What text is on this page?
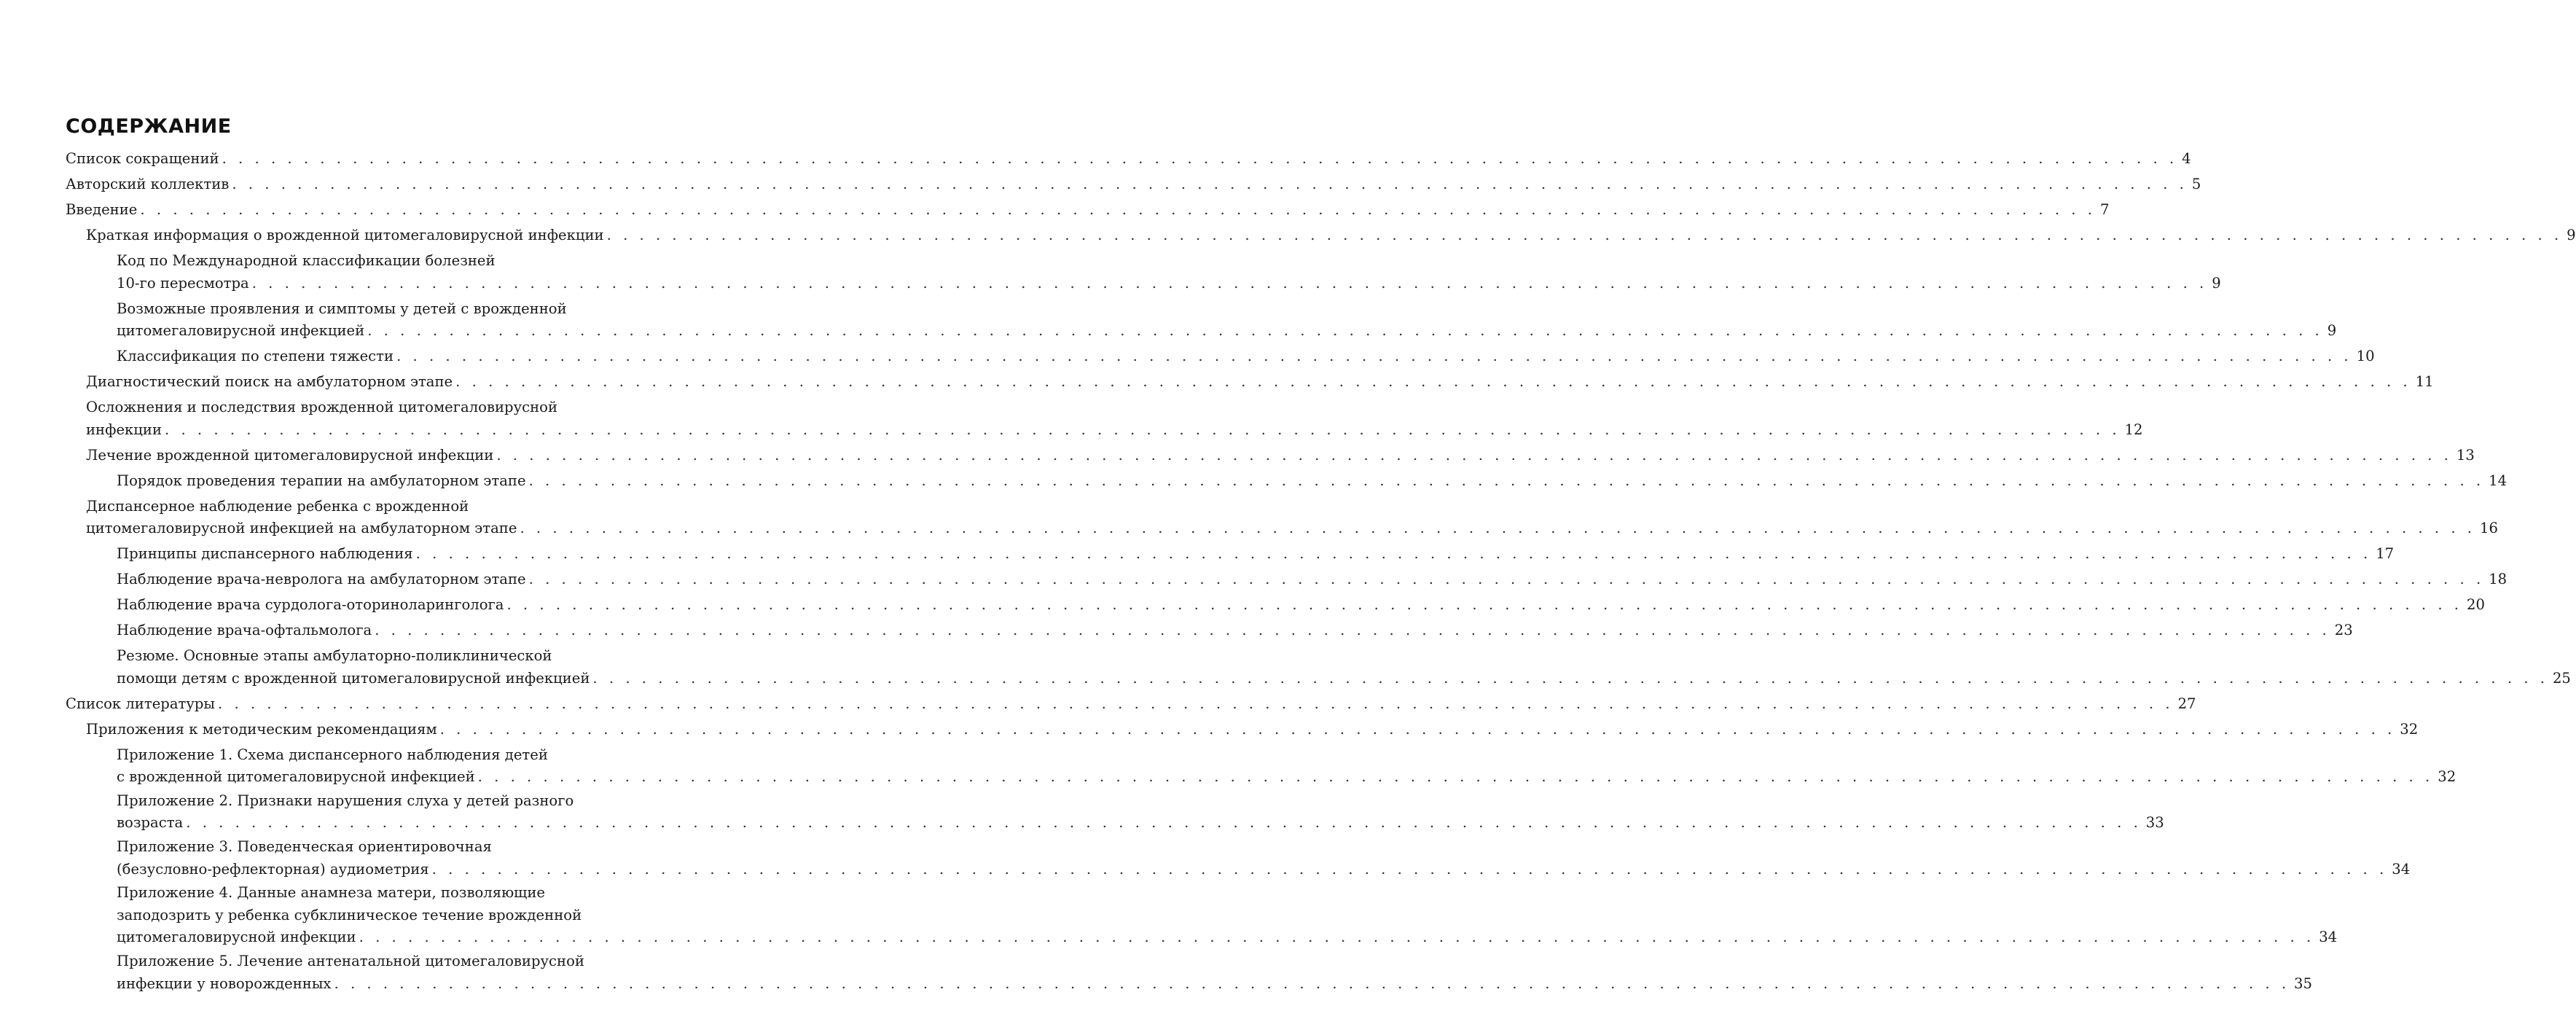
СОДЕРЖАНИЕ
Список сокращений . . . . . . . . . . . . . . . . . . . . . . . . . . . . . . . . . . . . . . . . . . . . . . . . . . . . . . . . . . . . . . . . . . . . . . . . . . . . . . . . . . . . . . . . . . . . . . . . . . . . . . . . . . . . . . . . . . . . . . . . 4
Авторский коллектив . . . . . . . . . . . . . . . . . . . . . . . . . . . . . . . . . . . . . . . . . . . . . . . . . . . . . . . . . . . . . . . . . . . . . . . . . . . . . . . . . . . . . . . . . . . . . . . . . . . . . . . . . . . . . . . . . . . . . . . . 5
Введение . . . . . . . . . . . . . . . . . . . . . . . . . . . . . . . . . . . . . . . . . . . . . . . . . . . . . . . . . . . . . . . . . . . . . . . . . . . . . . . . . . . . . . . . . . . . . . . . . . . . . . . . . . . . . . . . . . . . . . . . 7
Краткая информация о врожденной цитомегаловирусной инфекции . . . . . . . . . . . . . . . . . . . . . . . . . . . . . . . . . . . . . . . . . . . . . . . . . . . . . . . . . . . . . . . . . . . . . . . . . . . . . . . . . . . . . . . . . . . . . . . . . . . . . . . . . . . . . . . . . . . . . . . . 9
Код по Международной классификации болезней
10-го пересмотра . . . . . . . . . . . . . . . . . . . . . . . . . . . . . . . . . . . . . . . . . . . . . . . . . . . . . . . . . . . . . . . . . . . . . . . . . . . . . . . . . . . . . . . . . . . . . . . . . . . . . . . . . . . . . . . . . . . . . . . . 9
Возможные проявления и симптомы у детей с врожденной
цитомегаловирусной инфекцией . . . . . . . . . . . . . . . . . . . . . . . . . . . . . . . . . . . . . . . . . . . . . . . . . . . . . . . . . . . . . . . . . . . . . . . . . . . . . . . . . . . . . . . . . . . . . . . . . . . . . . . . . . . . . . . . . . . . . . . . 9
Классификация по степени тяжести . . . . . . . . . . . . . . . . . . . . . . . . . . . . . . . . . . . . . . . . . . . . . . . . . . . . . . . . . . . . . . . . . . . . . . . . . . . . . . . . . . . . . . . . . . . . . . . . . . . . . . . . . . . . . . . . . . . . . . . . 10
Диагностический поиск на амбулаторном этапе . . . . . . . . . . . . . . . . . . . . . . . . . . . . . . . . . . . . . . . . . . . . . . . . . . . . . . . . . . . . . . . . . . . . . . . . . . . . . . . . . . . . . . . . . . . . . . . . . . . . . . . . . . . . . . . . . . . . . . . . 11
Осложнения и последствия врожденной цитомегаловирусной
инфекции . . . . . . . . . . . . . . . . . . . . . . . . . . . . . . . . . . . . . . . . . . . . . . . . . . . . . . . . . . . . . . . . . . . . . . . . . . . . . . . . . . . . . . . . . . . . . . . . . . . . . . . . . . . . . . . . . . . . . . . . 12
Лечение врожденной цитомегаловирусной инфекции . . . . . . . . . . . . . . . . . . . . . . . . . . . . . . . . . . . . . . . . . . . . . . . . . . . . . . . . . . . . . . . . . . . . . . . . . . . . . . . . . . . . . . . . . . . . . . . . . . . . . . . . . . . . . . . . . . . . . . . . 13
Порядок проведения терапии на амбулаторном этапе . . . . . . . . . . . . . . . . . . . . . . . . . . . . . . . . . . . . . . . . . . . . . . . . . . . . . . . . . . . . . . . . . . . . . . . . . . . . . . . . . . . . . . . . . . . . . . . . . . . . . . . . . . . . . . . . . . . . . . . . 14
Диспансерное наблюдение ребенка с врожденной
цитомегаловирусной инфекцией на амбулаторном этапе . . . . . . . . . . . . . . . . . . . . . . . . . . . . . . . . . . . . . . . . . . . . . . . . . . . . . . . . . . . . . . . . . . . . . . . . . . . . . . . . . . . . . . . . . . . . . . . . . . . . . . . . . . . . . . . . . . . . . . . . 16
Принципы диспансерного наблюдения . . . . . . . . . . . . . . . . . . . . . . . . . . . . . . . . . . . . . . . . . . . . . . . . . . . . . . . . . . . . . . . . . . . . . . . . . . . . . . . . . . . . . . . . . . . . . . . . . . . . . . . . . . . . . . . . . . . . . . . . 17
Наблюдение врача-невролога на амбулаторном этапе . . . . . . . . . . . . . . . . . . . . . . . . . . . . . . . . . . . . . . . . . . . . . . . . . . . . . . . . . . . . . . . . . . . . . . . . . . . . . . . . . . . . . . . . . . . . . . . . . . . . . . . . . . . . . . . . . . . . . . . . 18
Наблюдение врача сурдолога-оториноларинголога . . . . . . . . . . . . . . . . . . . . . . . . . . . . . . . . . . . . . . . . . . . . . . . . . . . . . . . . . . . . . . . . . . . . . . . . . . . . . . . . . . . . . . . . . . . . . . . . . . . . . . . . . . . . . . . . . . . . . . . . 20
Наблюдение врача-офтальмолога . . . . . . . . . . . . . . . . . . . . . . . . . . . . . . . . . . . . . . . . . . . . . . . . . . . . . . . . . . . . . . . . . . . . . . . . . . . . . . . . . . . . . . . . . . . . . . . . . . . . . . . . . . . . . . . . . . . . . . . . 23
Резюме. Основные этапы амбулаторно-поликлинической
помощи детям с врожденной цитомегаловирусной инфекцией . . . . . . . . . . . . . . . . . . . . . . . . . . . . . . . . . . . . . . . . . . . . . . . . . . . . . . . . . . . . . . . . . . . . . . . . . . . . . . . . . . . . . . . . . . . . . . . . . . . . . . . . . . . . . . . . . . . . . . . . 25
Список литературы . . . . . . . . . . . . . . . . . . . . . . . . . . . . . . . . . . . . . . . . . . . . . . . . . . . . . . . . . . . . . . . . . . . . . . . . . . . . . . . . . . . . . . . . . . . . . . . . . . . . . . . . . . . . . . . . . . . . . . . . 27
Приложения к методическим рекомендациям . . . . . . . . . . . . . . . . . . . . . . . . . . . . . . . . . . . . . . . . . . . . . . . . . . . . . . . . . . . . . . . . . . . . . . . . . . . . . . . . . . . . . . . . . . . . . . . . . . . . . . . . . . . . . . . . . . . . . . . . 32
Приложение 1. Схема диспансерного наблюдения детей
с врожденной цитомегаловирусной инфекцией . . . . . . . . . . . . . . . . . . . . . . . . . . . . . . . . . . . . . . . . . . . . . . . . . . . . . . . . . . . . . . . . . . . . . . . . . . . . . . . . . . . . . . . . . . . . . . . . . . . . . . . . . . . . . . . . . . . . . . . . 32
Приложение 2. Признаки нарушения слуха у детей разного
возраста . . . . . . . . . . . . . . . . . . . . . . . . . . . . . . . . . . . . . . . . . . . . . . . . . . . . . . . . . . . . . . . . . . . . . . . . . . . . . . . . . . . . . . . . . . . . . . . . . . . . . . . . . . . . . . . . . . . . . . . . 33
Приложение 3. Поведенческая ориентировочная
(безусловно-рефлекторная) аудиометрия . . . . . . . . . . . . . . . . . . . . . . . . . . . . . . . . . . . . . . . . . . . . . . . . . . . . . . . . . . . . . . . . . . . . . . . . . . . . . . . . . . . . . . . . . . . . . . . . . . . . . . . . . . . . . . . . . . . . . . . . 34
Приложение 4. Данные анамнеза матери, позволяющие
заподозрить у ребенка субклиническое течение врожденной
цитомегаловирусной инфекции . . . . . . . . . . . . . . . . . . . . . . . . . . . . . . . . . . . . . . . . . . . . . . . . . . . . . . . . . . . . . . . . . . . . . . . . . . . . . . . . . . . . . . . . . . . . . . . . . . . . . . . . . . . . . . . . . . . . . . . . 34
Приложение 5. Лечение антенатальной цитомегаловирусной
инфекции у новорожденных . . . . . . . . . . . . . . . . . . . . . . . . . . . . . . . . . . . . . . . . . . . . . . . . . . . . . . . . . . . . . . . . . . . . . . . . . . . . . . . . . . . . . . . . . . . . . . . . . . . . . . . . . . . . . . . . . . . . . . . . 35
